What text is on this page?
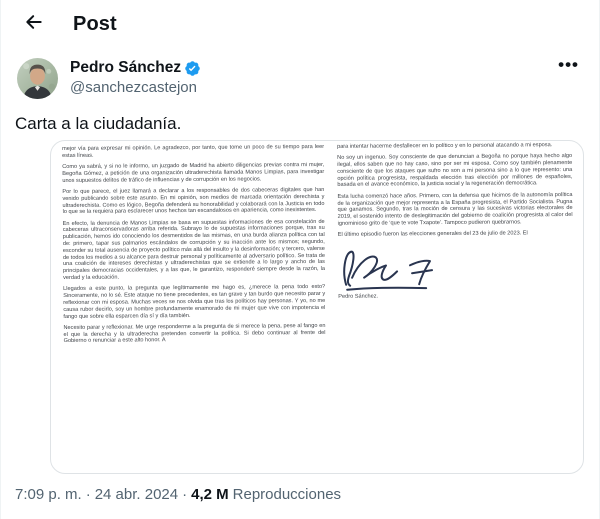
Post
Pedro Sánchez
@sanchezcastejon
•••
Carta a la ciudadanía.

mejor vía para expresar mi opinión. Le agradezco, por tanto, que tome un poco de su tiempo para leer estas líneas.

Como ya sabrá, y si no le informo, un juzgado de Madrid ha abierto diligencias previas contra mi mujer, Begoña Gómez, a petición de una organización ultraderechista llamada Manos Limpias, para investigar unos supuestos delitos de tráfico de influencias y de corrupción en los negocios.

Por lo que parece, el juez llamará a declarar a los responsables de dos cabeceras digitales que han venido publicando sobre este asunto. En mi opinión, son medios de marcada orientación derechista y ultraderechista. Como es lógico, Begoña defenderá su honorabilidad y colaborará con la Justicia en todo lo que se la requiera para esclarecer unos hechos tan escandalosos en apariencia, como inexistentes.

En efecto, la denuncia de Manos Limpias se basa en supuestas informaciones de esa constelación de cabeceras ultraconservadoras arriba referida. Subrayo lo de supuestas informaciones porque, tras su publicación, hemos ido conociendo los desmentidos de las mismas, en una burda alianza política con tal de: primero, tapar sus palmarios escándalos de corrupción y su inacción ante los mismos; segundo, esconder su total ausencia de proyecto político más allá del insulto y la desinformación; y tercero, valerse de todos los medios a su alcance para destruir personal y políticamente al adversario político. Se trata de una coalición de intereses derechistas y ultraderechistas que se extiende a lo largo y ancho de las principales democracias occidentales, y a las que, le garantizo, responderé siempre desde la razón, la verdad y la educación.

Llegados a este punto, la pregunta que legítimamente me hago es, ¿merece la pena todo esto? Sinceramente, no lo sé. Este ataque no tiene precedentes, es tan grave y tan burdo que necesito parar y reflexionar con mi esposa. Muchas veces se nos olvida que tras los políticos hay personas. Y yo, no me causa rubor decirlo, soy un hombre profundamente enamorado de mi mujer que vive con impotencia el fango que sobre ella esparcen día sí y día también.

Necesito parar y reflexionar. Me urge responderme a la pregunta de si merece la pena, pese al fango en el que la derecha y la ultraderecha pretenden convertir la política. Si debo continuar al frente del Gobierno o renunciar a este alto honor. A

para intentar hacerme desfallecer en lo político y en lo personal atacando a mi esposa.

No soy un ingenuo. Soy consciente de que denuncian a Begoña no porque haya hecho algo ilegal, ellos saben que no hay caso, sino por ser mi esposa. Como soy también plenamente consciente de que los ataques que sufro no son a mi persona sino a lo que represento: una opción política progresista, respaldada elección tras elección por millones de españoles, basada en el avance económico, la justicia social y la regeneración democrática.

Esta lucha comenzó hace años. Primero, con la defensa que hicimos de la autonomía política de la organización que mejor representa a la España progresista, el Partido Socialista. Pugna que ganamos. Segundo, tras la moción de censura y las sucesivas victorias electorales de 2019, el sostenido intento de deslegitimación del gobierno de coalición progresista al calor del ignominioso grito de ‘que te vote Txapote’. Tampoco pudieron quebrarnos.

El último episodio fueron las elecciones generales del 23 de julio de 2023. El

Pedro Sánchez.
7:09 p. m. · 24 abr. 2024 · 4,2 M Reproducciones
